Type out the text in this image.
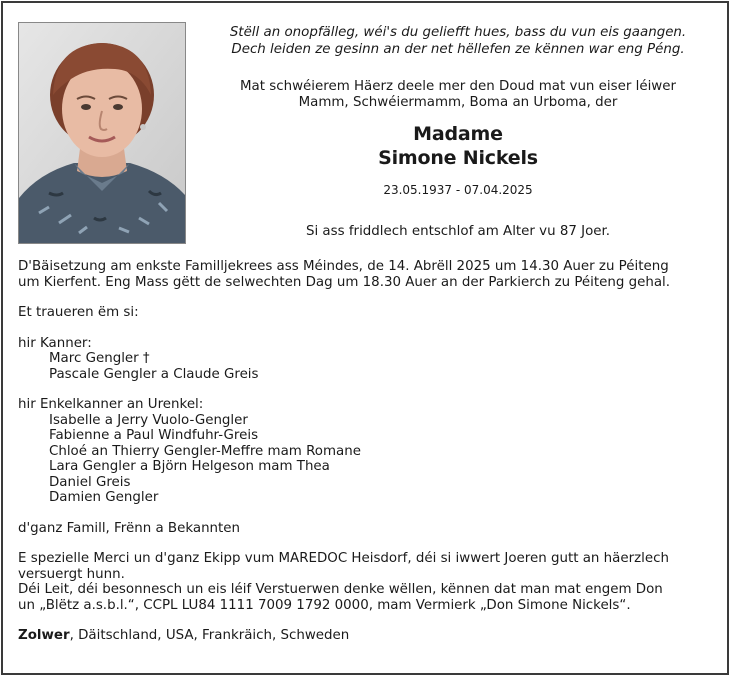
Stëll an onopfälleg, wéi's du geliefft hues, bass du vun eis gaangen.
Dech leiden ze gesinn an der net hëllefen ze kënnen war eng Péng.
Mat schwéierem Häerz deele mer den Doud mat vun eiser léiwer
Mamm, Schwéiermamm, Boma an Urboma, der
Madame
Simone Nickels
23.05.1937 - 07.04.2025
Si ass friddlech entschlof am Alter vu 87 Joer.

D'Bäisetzung am enkste Familljekrees ass Méindes, de 14. Abrëll 2025 um 14.30 Auer zu Péiteng
um Kierfent. Eng Mass gëtt de selwechten Dag um 18.30 Auer an der Parkierch zu Péiteng gehal.

Et traueren ëm si:

hir Kanner:

Marc Gengler †
Pascale Gengler a Claude Greis

hir Enkelkanner an Urenkel:

Isabelle a Jerry Vuolo-Gengler
Fabienne a Paul Windfuhr-Greis
Chloé an Thierry Gengler-Meffre mam Romane
Lara Gengler a Björn Helgeson mam Thea
Daniel Greis
Damien Gengler

d'ganz Famill, Frënn a Bekannten

E spezielle Merci un d'ganz Ekipp vum MAREDOC Heisdorf, déi si iwwert Joeren gutt an häerzlech
versuergt hunn.
Déi Leit, déi besonnesch un eis léif Verstuerwen denke wëllen, kënnen dat man mat engem Don
un „Blëtz a.s.b.l.“, CCPL LU84 1111 7009 1792 0000, mam Vermierk „Don Simone Nickels“.

Zolwer, Däitschland, USA, Frankräich, Schweden
